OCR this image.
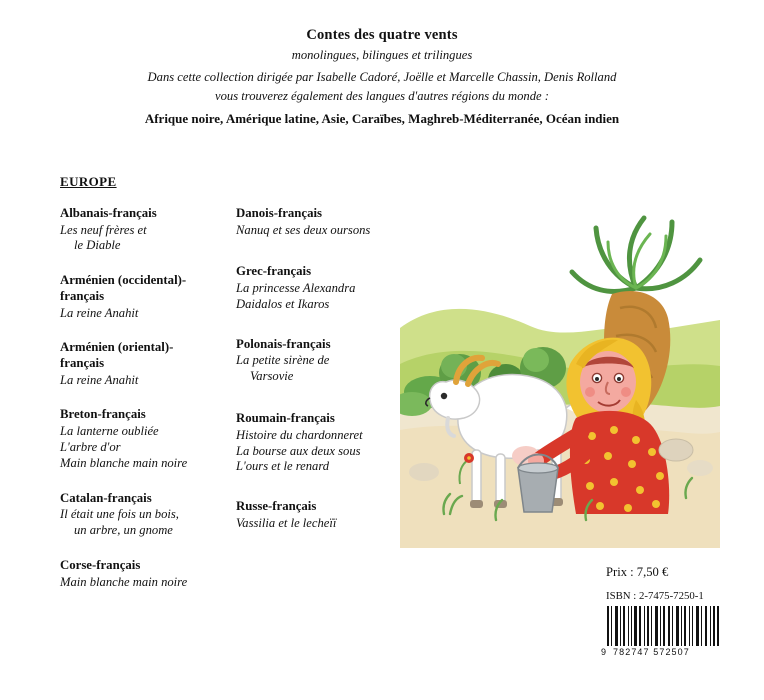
Contes des quatre vents
monolingues, bilingues et trilingues
Dans cette collection dirigée par Isabelle Cadoré, Joëlle et Marcelle Chassin, Denis Rolland
vous trouverez également des langues d'autres régions du monde :
Afrique noire, Amérique latine, Asie, Caraïbes, Maghreb-Méditerranée, Océan indien
EUROPE
Albanais-français
Les neuf frères et
le Diable
Arménien (occidental)-
français
La reine Anahit
Arménien (oriental)-
français
La reine Anahit
Breton-français
La lanterne oubliée
L'arbre d'or
Main blanche main noire
Catalan-français
Il était une fois un bois,
un arbre, un gnome
Corse-français
Main blanche main noire
Danois-français
Nanuq et ses deux oursons
Grec-français
La princesse Alexandra
Daidalos et Ikaros
Polonais-français
La petite sirène de
Varsovie
Roumain-français
Histoire du chardonneret
La bourse aux deux sous
L'ours et le renard
Russe-français
Vassilia et le lecheïï
Prix : 7,50 €
ISBN : 2-7475-7250-1
9 782747 572507
